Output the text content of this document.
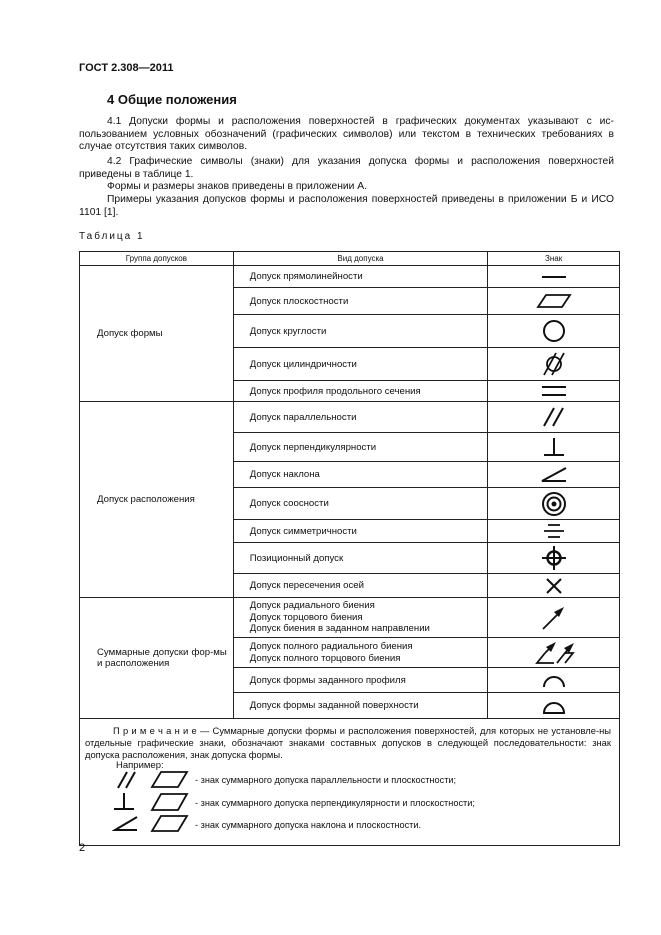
ГОСТ 2.308—2011
4 Общие положения
4.1 Допуски формы и расположения поверхностей в графических документах указывают с ис-пользованием условных обозначений (графических символов) или текстом в технических требованиях в случае отсутствия таких символов.
4.2 Графические символы (знаки) для указания допуска формы и расположения поверхностей приведены в таблице 1.
Формы и размеры знаков приведены в приложении А.
Примеры указания допусков формы и расположения поверхностей приведены в приложении Б и ИСО 1101 [1].
Таблица 1
Группа допусков	Вид допуска	Знак
Допуск формы	Допуск прямолинейности	

	Допуск плоскостности	

	Допуск круглости	

	Допуск цилиндричности	

	Допуск профиля продольного сечения	

Допуск расположения	Допуск параллельности	

	Допуск перпендикулярности	

	Допуск наклона	

	Допуск соосности	

	Допуск симметричности	

	Позиционный допуск	

	Допуск пересечения осей	

Суммарные допуски фор-мы и расположения	Допуск радиального биения
Допуск торцового биения
Допуск биения в заданном направлении	

	Допуск полного радиального биения
Допуск полного торцового биения	

	Допуск формы заданного профиля	

	Допуск формы заданной поверхности	

П р и м е ч а н и е — Суммарные допуски формы и расположения поверхностей, для которых не установле-ны отдельные графические знаки, обозначают знаками составных допусков в следующей последовательности: знак допуска расположения, знак допуска формы.		
Например:
- знак суммарного допуска параллельности и плоскостности;
- знак суммарного допуска перпендикулярности и плоскостности;
- знак суммарного допуска наклона и плоскостности.
2
